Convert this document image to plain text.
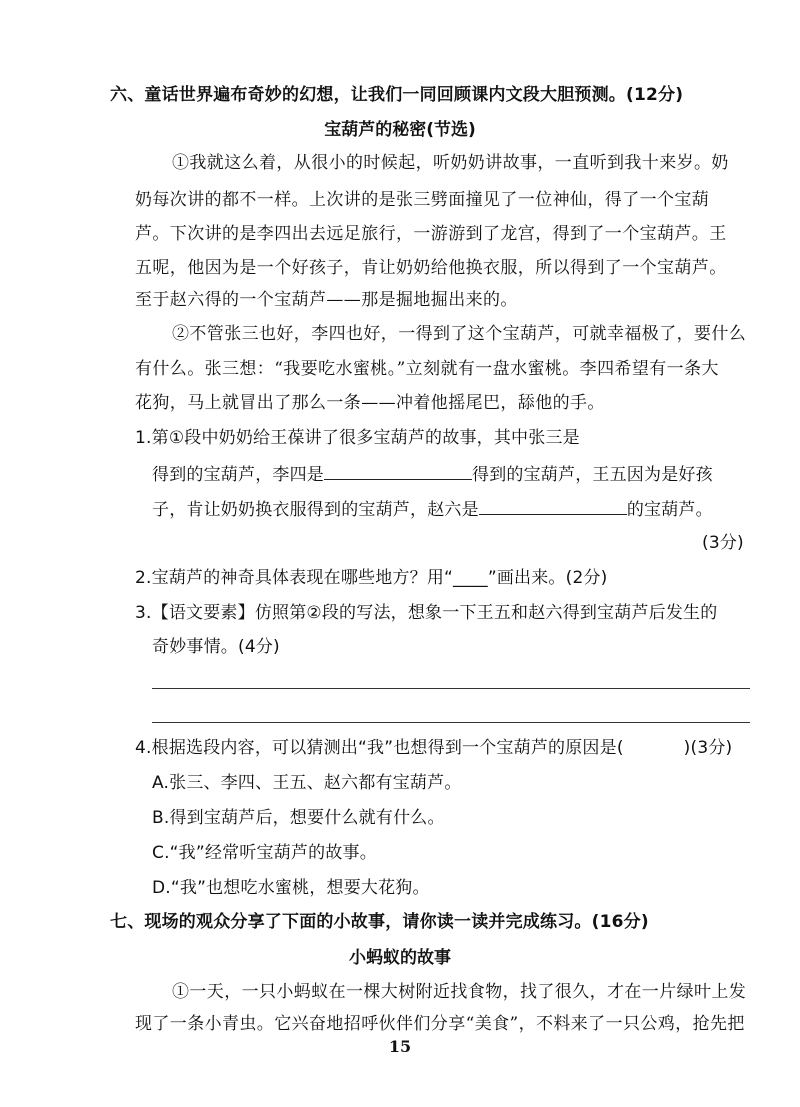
六、童话世界遍布奇妙的幻想，让我们一同回顾课内文段大胆预测。(12分)
宝葫芦的秘密(节选)
①我就这么着，从很小的时候起，听奶奶讲故事，一直听到我十来岁。奶
奶每次讲的都不一样。上次讲的是张三劈面撞见了一位神仙，得了一个宝葫
芦。下次讲的是李四出去远足旅行，一游游到了龙宫，得到了一个宝葫芦。王
五呢，他因为是一个好孩子，肯让奶奶给他换衣服，所以得到了一个宝葫芦。
至于赵六得的一个宝葫芦——那是掘地掘出来的。
②不管张三也好，李四也好，一得到了这个宝葫芦，可就幸福极了，要什么
有什么。张三想：“我要吃水蜜桃。”立刻就有一盘水蜜桃。李四希望有一条大
花狗，马上就冒出了那么一条——冲着他摇尾巴，舔他的手。
1.第①段中奶奶给王葆讲了很多宝葫芦的故事，其中张三是
得到的宝葫芦，李四是	得到的宝葫芦，王五因为是好孩
子，肯让奶奶换衣服得到的宝葫芦，赵六是	的宝葫芦。
(3分)
2.宝葫芦的神奇具体表现在哪些地方？用“____”画出来。(2分)
3.【语文要素】仿照第②段的写法，想象一下王五和赵六得到宝葫芦后发生的
奇妙事情。(4分)
4.根据选段内容，可以猜测出“我”也想得到一个宝葫芦的原因是(	)(3分)
A.张三、李四、王五、赵六都有宝葫芦。
B.得到宝葫芦后，想要什么就有什么。
C.“我”经常听宝葫芦的故事。
D.“我”也想吃水蜜桃，想要大花狗。
七、现场的观众分享了下面的小故事，请你读一读并完成练习。(16分)
小蚂蚁的故事
①一天，一只小蚂蚁在一棵大树附近找食物，找了很久，才在一片绿叶上发
现了一条小青虫。它兴奋地招呼伙伴们分享“美食”，不料来了一只公鸡，抢先把
15
